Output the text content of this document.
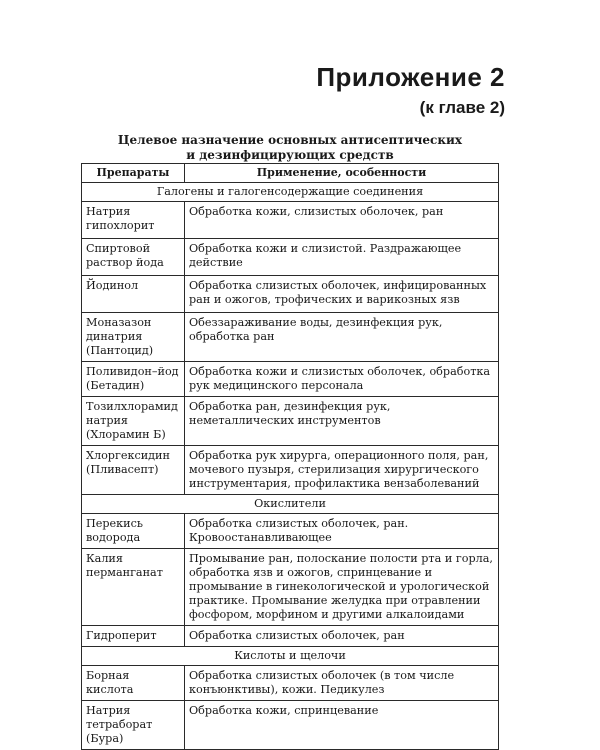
Приложение 2
(к главе 2)
Целевое назначение основных антисептических
и дезинфицирующих средств
Препараты	Применение, особенности
Галогены и галогенсодержащие соединения	
Натрия гипохлорит	Обработка кожи, слизистых оболочек, ран
Спиртовой раствор йода	Обработка кожи и слизистой. Раздражающее действие
Йодинол	Обработка слизистых оболочек, инфицированных ран и ожогов, трофических и варикозных язв
Моназазон динатрия (Пантоцид)	Обеззараживание воды, дезинфекция рук, обработка ран
Поливидон–йод (Бетадин)	Обработка кожи и слизистых оболочек, обработка рук медицинского персонала
Тозилхлорамид натрия (Хлорамин Б)	Обработка ран, дезинфекция рук, неметаллических инструментов
Хлоргексидин (Пливасепт)	Обработка рук хирурга, операционного поля, ран, мочевого пузыря, стерилизация хирургического инструментария, профилактика вензаболеваний
Окислители	
Перекись водорода	Обработка слизистых оболочек, ран. Кровоостанавливающее
Калия перманганат	Промывание ран, полоскание полости рта и горла, обработка язв и ожогов, спринцевание и промывание в гинекологической и урологической практике. Промывание желудка при отравлении фосфором, морфином и другими алкалоидами
Гидроперит	Обработка слизистых оболочек, ран
Кислоты и щелочи	
Борная кислота	Обработка слизистых оболочек (в том числе конъюнктивы), кожи. Педикулез
Натрия тетраборат (Бура)	Обработка кожи, спринцевание
